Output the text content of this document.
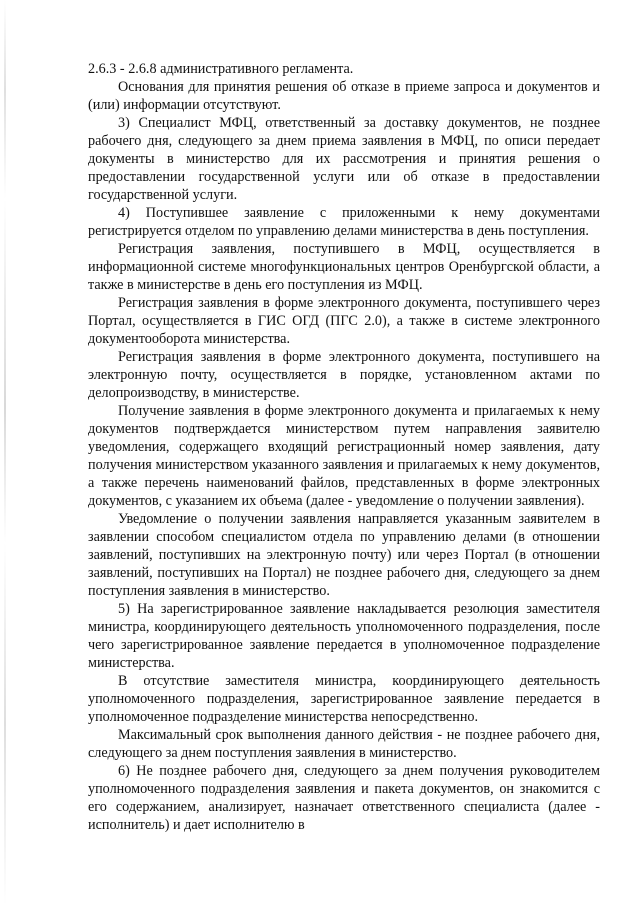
2.6.3 - 2.6.8 административного регламента.

Основания для принятия решения об отказе в приеме запроса и документов и (или) информации отсутствуют.

3) Специалист МФЦ, ответственный за доставку документов, не позднее рабочего дня, следующего за днем приема заявления в МФЦ, по описи передает документы в министерство для их рассмотрения и принятия решения о предоставлении государственной услуги или об отказе в предоставлении государственной услуги.

4) Поступившее заявление с приложенными к нему документами регистрируется отделом по управлению делами министерства в день поступления.

Регистрация заявления, поступившего в МФЦ, осуществляется в информационной системе многофункциональных центров Оренбургской области, а также в министерстве в день его поступления из МФЦ.

Регистрация заявления в форме электронного документа, поступившего через Портал, осуществляется в ГИС ОГД (ПГС 2.0), а также в системе электронного документооборота министерства.

Регистрация заявления в форме электронного документа, поступившего на электронную почту, осуществляется в порядке, установленном актами по делопроизводству, в министерстве.

Получение заявления в форме электронного документа и прилагаемых к нему документов подтверждается министерством путем направления заявителю уведомления, содержащего входящий регистрационный номер заявления, дату получения министерством указанного заявления и прилагаемых к нему документов, а также перечень наименований файлов, представленных в форме электронных документов, с указанием их объема (далее - уведомление о получении заявления).

Уведомление о получении заявления направляется указанным заявителем в заявлении способом специалистом отдела по управлению делами (в отношении заявлений, поступивших на электронную почту) или через Портал (в отношении заявлений, поступивших на Портал) не позднее рабочего дня, следующего за днем поступления заявления в министерство.

5) На зарегистрированное заявление накладывается резолюция заместителя министра, координирующего деятельность уполномоченного подразделения, после чего зарегистрированное заявление передается в уполномоченное подразделение министерства.

В отсутствие заместителя министра, координирующего деятельность уполномоченного подразделения, зарегистрированное заявление передается в уполномоченное подразделение министерства непосредственно.

Максимальный срок выполнения данного действия - не позднее рабочего дня, следующего за днем поступления заявления в министерство.

6) Не позднее рабочего дня, следующего за днем получения руководителем уполномоченного подразделения заявления и пакета документов, он знакомится с его содержанием, анализирует, назначает ответственного специалиста (далее - исполнитель) и дает исполнителю в
